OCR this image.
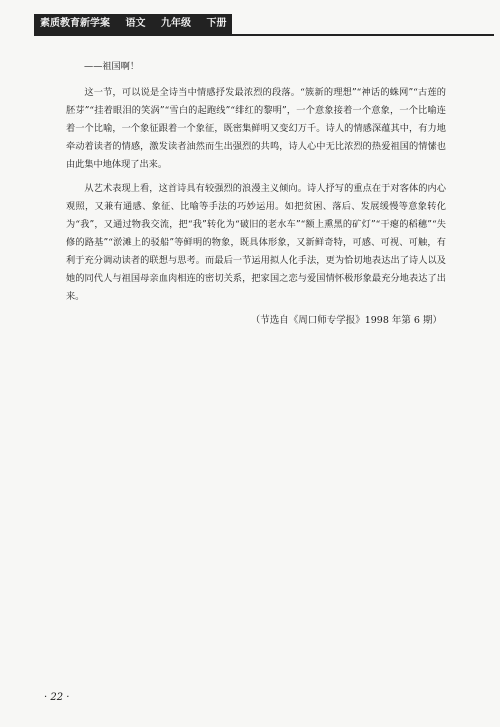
素质教育新学案 语文 九年级 下册
——祖国啊！

这一节，可以说是全诗当中情感抒发最浓烈的段落。“簇新的理想”“神话的蛛网”“古莲的胚芽”“挂着眼泪的笑涡”“雪白的起跑线”“绯红的黎明”，一个意象接着一个意象，一个比喻连着一个比喻，一个象征跟着一个象征，既密集鲜明又变幻万千。诗人的情感深蕴其中，有力地牵动着读者的情感，激发读者油然而生出强烈的共鸣，诗人心中无比浓烈的热爱祖国的情愫也由此集中地体现了出来。

从艺术表现上看，这首诗具有较强烈的浪漫主义倾向。诗人抒写的重点在于对客体的内心观照，又兼有通感、象征、比喻等手法的巧妙运用。如把贫困、落后、发展缓慢等意象转化为“我”，又通过物我交流，把“我”转化为“破旧的老水车”“额上熏黑的矿灯”“干瘪的稻穗”“失修的路基”“淤滩上的驳船”等鲜明的物象，既具体形象，又新鲜奇特，可感、可视、可触，有利于充分调动读者的联想与思考。而最后一节运用拟人化手法，更为恰切地表达出了诗人以及她的同代人与祖国母亲血肉相连的密切关系，把家国之恋与爱国情怀极形象最充分地表达了出来。

（节选自《周口师专学报》1998 年第 6 期）
· 22 ·
